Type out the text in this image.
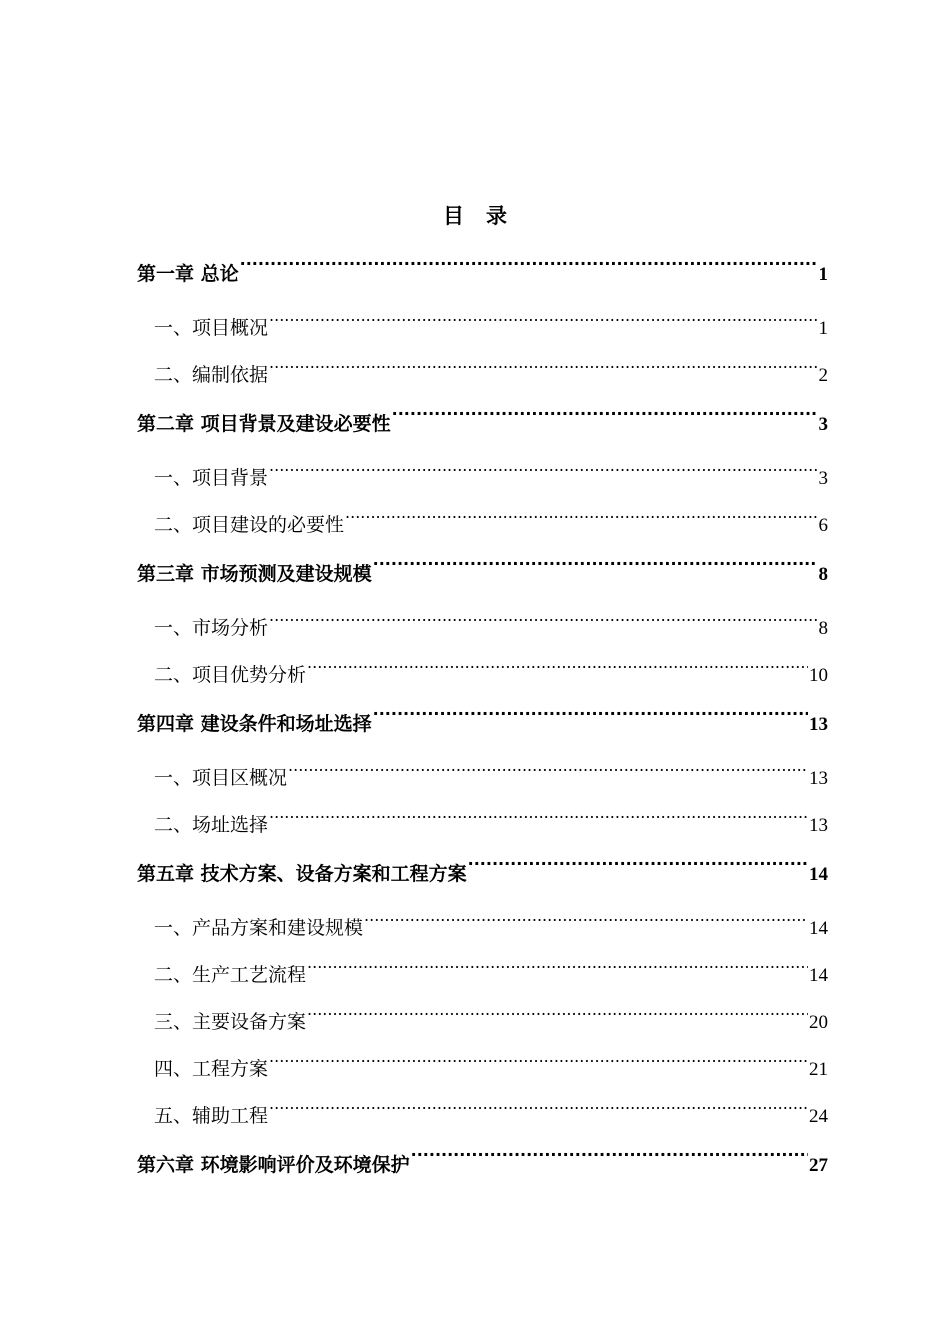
目录
第一章 总论 .....	1
一、项目概况 .....	1
二、编制依据 .....	2
第二章 项目背景及建设必要性 .....	3
一、项目背景 .....	3
二、项目建设的必要性 .....	6
第三章 市场预测及建设规模 .....	8
一、市场分析 .....	8
二、项目优势分析 .....	10
第四章 建设条件和场址选择 .....	13
一、项目区概况 .....	13
二、场址选择 .....	13
第五章 技术方案、设备方案和工程方案 .....	14
一、产品方案和建设规模 .....	14
二、生产工艺流程 .....	14
三、主要设备方案 .....	20
四、工程方案 .....	21
五、辅助工程 .....	24
第六章 环境影响评价及环境保护 .....	27
